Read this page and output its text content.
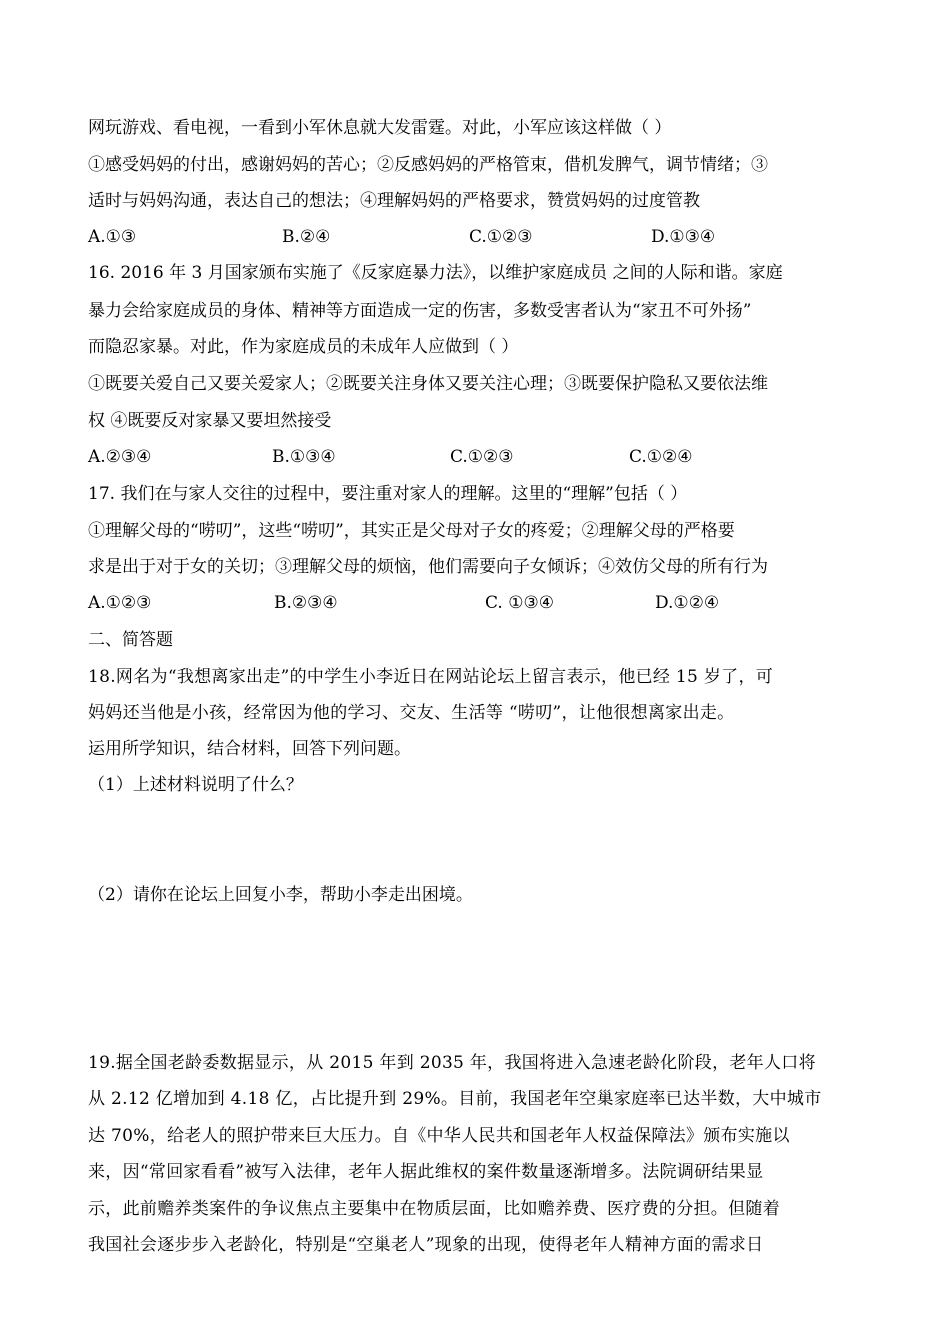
网玩游戏、看电视，一看到小军休息就大发雷霆。对此，小军应该这样做（ ）
①感受妈妈的付出，感谢妈妈的苦心；②反感妈妈的严格管束，借机发脾气，调节情绪；③
适时与妈妈沟通，表达自己的想法；④理解妈妈的严格要求，赞赏妈妈的过度管教
A.①③	B.②④	C.①②③	D.①③④
16. 2016 年 3 月国家颁布实施了《反家庭暴力法》，以维护家庭成员 之间的人际和谐。家庭
暴力会给家庭成员的身体、精神等方面造成一定的伤害，多数受害者认为“家丑不可外扬”
而隐忍家暴。对此，作为家庭成员的未成年人应做到（ ）
①既要关爱自己又要关爱家人；②既要关注身体又要关注心理；③既要保护隐私又要依法维
权 ④既要反对家暴又要坦然接受
A.②③④	B.①③④	C.①②③	C.①②④
17. 我们在与家人交往的过程中，要注重对家人的理解。这里的“理解”包括（ ）
①理解父母的“唠叨”，这些“唠叨”，其实正是父母对子女的疼爱；②理解父母的严格要
求是出于对于女的关切；③理解父母的烦恼，他们需要向子女倾诉；④效仿父母的所有行为
A.①②③	B.②③④	C. ①③④	D.①②④
二、简答题
18.网名为“我想离家出走”的中学生小李近日在网站论坛上留言表示，他已经 15 岁了，可
妈妈还当他是小孩，经常因为他的学习、交友、生活等 “唠叨”，让他很想离家出走。
运用所学知识，结合材料，回答下列问题。
（1）上述材料说明了什么？
（2）请你在论坛上回复小李，帮助小李走出困境。
19.据全国老龄委数据显示，从 2015 年到 2035 年，我国将进入急速老龄化阶段，老年人口将
从 2.12 亿增加到 4.18 亿，占比提升到 29%。目前，我国老年空巢家庭率已达半数，大中城市
达 70%，给老人的照护带来巨大压力。自《中华人民共和国老年人权益保障法》颁布实施以
来，因“常回家看看”被写入法律，老年人据此维权的案件数量逐渐增多。法院调研结果显
示，此前赡养类案件的争议焦点主要集中在物质层面，比如赡养费、医疗费的分担。但随着
我国社会逐步步入老龄化，特别是“空巢老人”现象的出现，使得老年人精神方面的需求日
